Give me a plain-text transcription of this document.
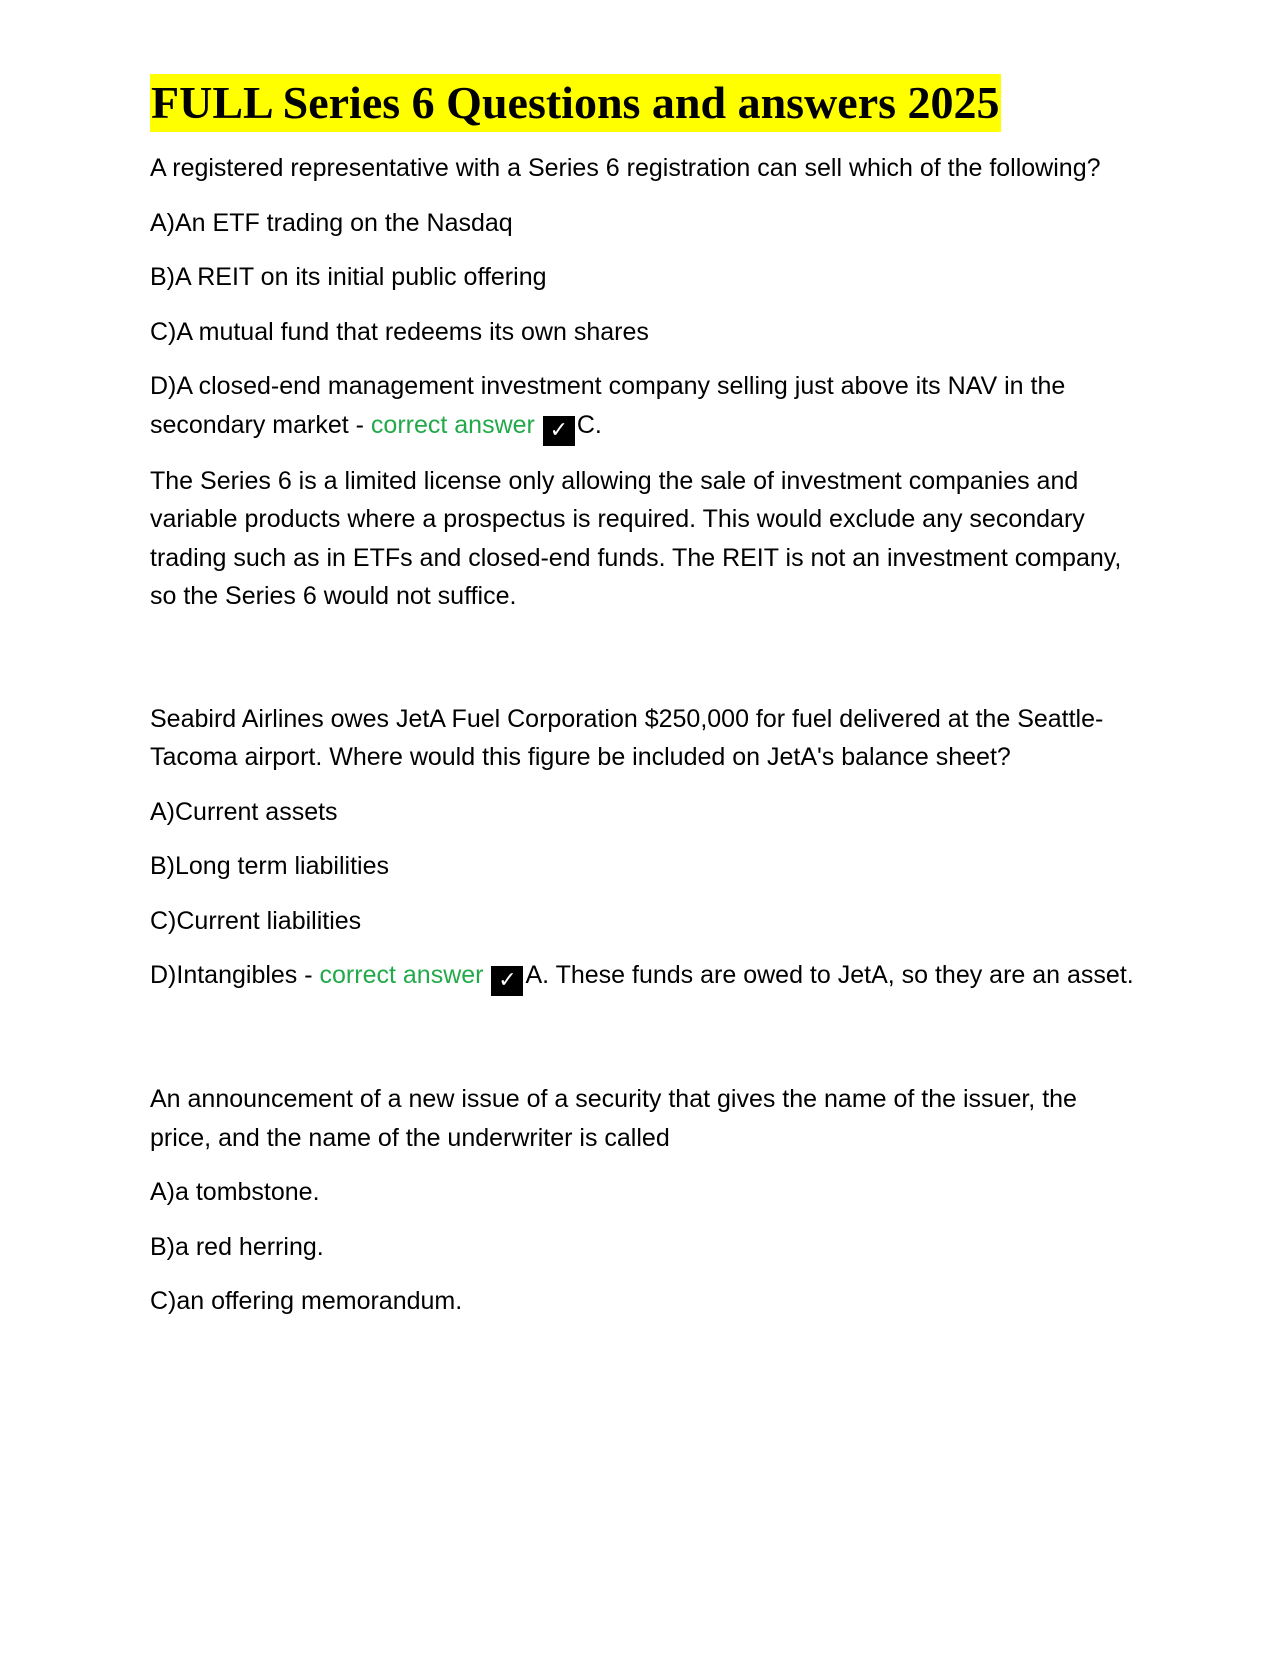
FULL Series 6 Questions and answers 2025

A registered representative with a Series 6 registration can sell which of the following?

A)An ETF trading on the Nasdaq

B)A REIT on its initial public offering

C)A mutual fund that redeems its own shares

D)A closed-end management investment company selling just above its NAV in the secondary market - correct answer ✓ C.

The Series 6 is a limited license only allowing the sale of investment companies and variable products where a prospectus is required. This would exclude any secondary trading such as in ETFs and closed-end funds. The REIT is not an investment company, so the Series 6 would not suffice.

Seabird Airlines owes JetA Fuel Corporation $250,000 for fuel delivered at the Seattle-Tacoma airport. Where would this figure be included on JetA's balance sheet?

A)Current assets

B)Long term liabilities

C)Current liabilities

D)Intangibles - correct answer ✓ A. These funds are owed to JetA, so they are an asset.

An announcement of a new issue of a security that gives the name of the issuer, the price, and the name of the underwriter is called

A)a tombstone.

B)a red herring.

C)an offering memorandum.
